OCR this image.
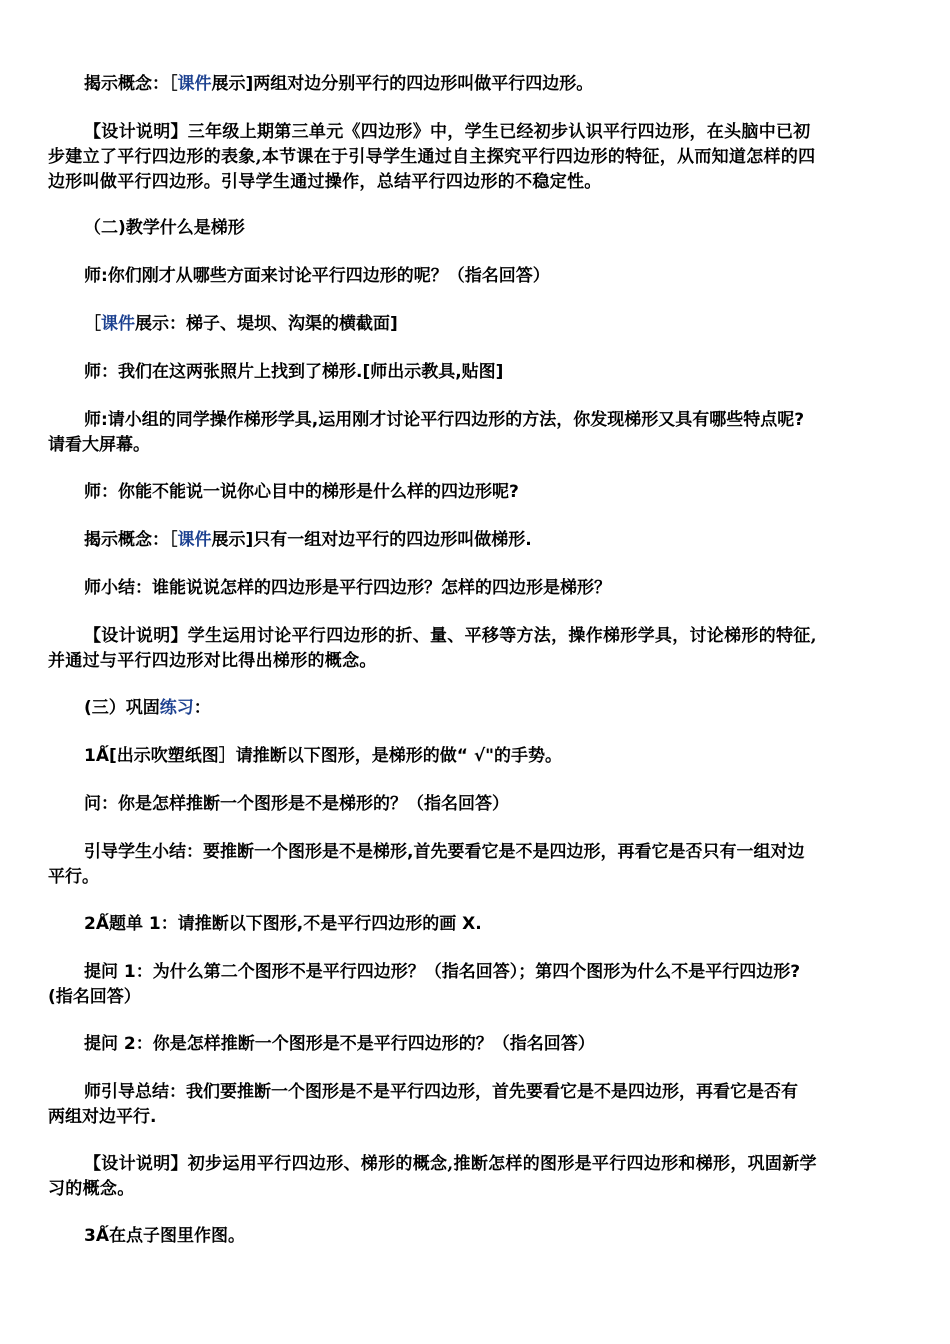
揭示概念：［课件展示]两组对边分别平行的四边形叫做平行四边形。
【设计说明】三年级上期第三单元《四边形》中，学生已经初步认识平行四边形，在头脑中已初
步建立了平行四边形的表象,本节课在于引导学生通过自主探究平行四边形的特征，从而知道怎样的四
边形叫做平行四边形。引导学生通过操作，总结平行四边形的不稳定性。
（二)教学什么是梯形
师:你们刚才从哪些方面来讨论平行四边形的呢？（指名回答）
［课件展示：梯子、堤坝、沟渠的横截面]
师：我们在这两张照片上找到了梯形.[师出示教具,贴图]
师:请小组的同学操作梯形学具,运用刚才讨论平行四边形的方法，你发现梯形又具有哪些特点呢?
请看大屏幕。
师：你能不能说一说你心目中的梯形是什么样的四边形呢?
揭示概念：［课件展示]只有一组对边平行的四边形叫做梯形.
师小结：谁能说说怎样的四边形是平行四边形？怎样的四边形是梯形？
【设计说明】学生运用讨论平行四边形的折、量、平移等方法，操作梯形学具，讨论梯形的特征,
并通过与平行四边形对比得出梯形的概念。
(三）巩固练习：
1Ǻ[出示吹塑纸图］请推断以下图形，是梯形的做“ √"的手势。
问：你是怎样推断一个图形是不是梯形的？（指名回答）
引导学生小结：要推断一个图形是不是梯形,首先要看它是不是四边形，再看它是否只有一组对边
平行。
2Ǻ题单 1：请推断以下图形,不是平行四边形的画 X.
提问 1：为什么第二个图形不是平行四边形？（指名回答）；第四个图形为什么不是平行四边形?
(指名回答）
提问 2：你是怎样推断一个图形是不是平行四边形的？（指名回答）
师引导总结：我们要推断一个图形是不是平行四边形，首先要看它是不是四边形，再看它是否有
两组对边平行.
【设计说明】初步运用平行四边形、梯形的概念,推断怎样的图形是平行四边形和梯形，巩固新学
习的概念。
3Ǻ在点子图里作图。
